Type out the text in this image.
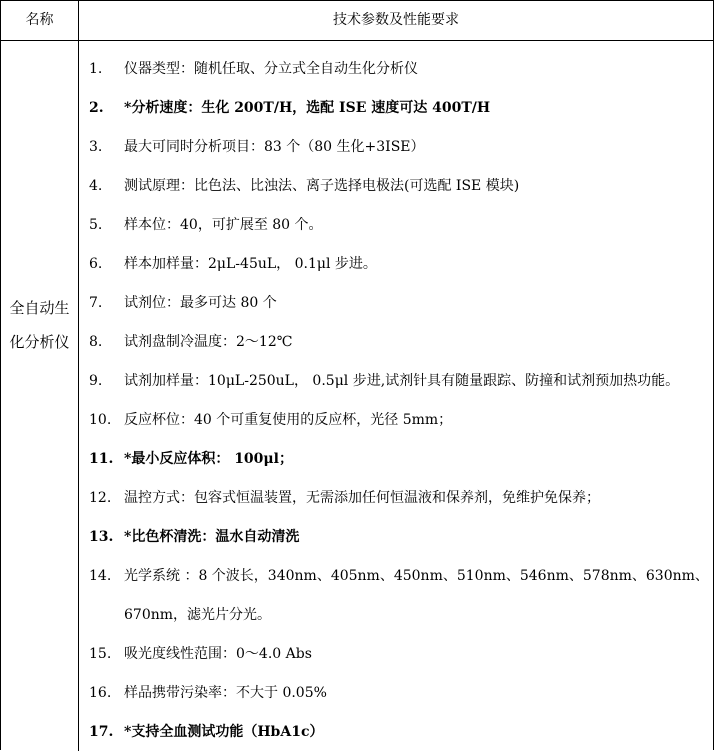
名称	技术参数及性能要求
全自动生
化分析仪
1.	仪器类型：随机任取、分立式全自动生化分析仪
2.	*分析速度：生化 200T/H，选配 ISE 速度可达 400T/H
3.	最大可同时分析项目：83 个（80 生化+3ISE）
4.	测试原理：比色法、比浊法、离子选择电极法(可选配 ISE 模块)
5.	样本位：40，可扩展至 80 个。
6.	样本加样量：2μL-45uL， 0.1μl 步进。
7.	试剂位：最多可达 80 个
8.	试剂盘制冷温度：2～12℃
9.	试剂加样量：10μL-250uL， 0.5μl 步进,试剂针具有随量跟踪、防撞和试剂预加热功能。
10. 反应杯位：40 个可重复使用的反应杯，光径 5mm；
11. *最小反应体积： 100μl；
12. 温控方式：包容式恒温装置，无需添加任何恒温液和保养剂，免维护免保养；
13. *比色杯清洗：温水自动清洗
14. 光学系统 ：8 个波长，340nm、405nm、450nm、510nm、546nm、578nm、630nm、670nm，滤光片分光。
15. 吸光度线性范围：0～4.0 Abs
16. 样品携带污染率：不大于 0.05%
17. *支持全血测试功能（HbA1c）
